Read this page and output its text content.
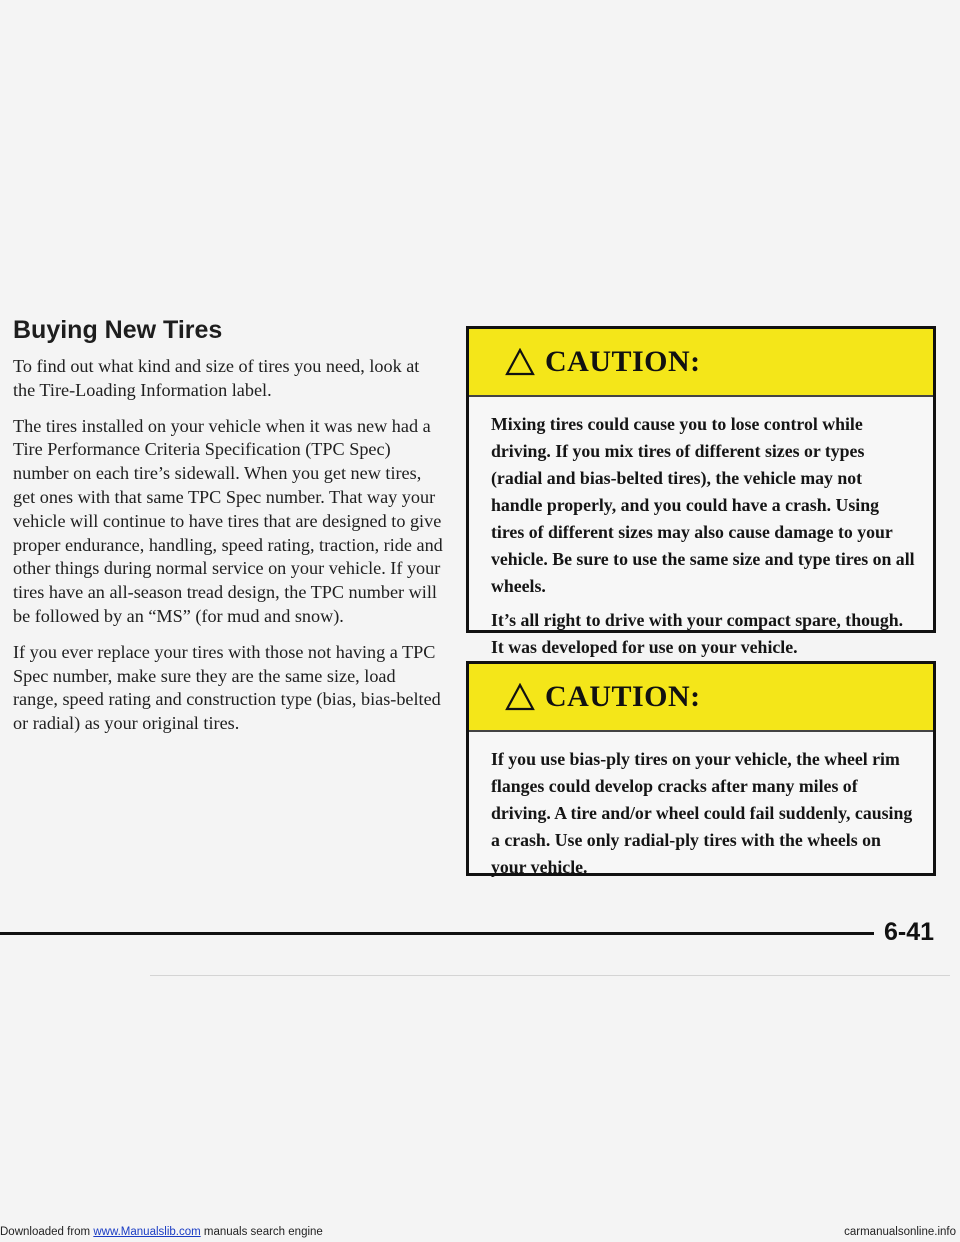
Buying New Tires

To find out what kind and size of tires you need, look at the Tire-Loading Information label.

The tires installed on your vehicle when it was new had a Tire Performance Criteria Specification (TPC Spec) number on each tire’s sidewall. When you get new tires, get ones with that same TPC Spec number. That way your vehicle will continue to have tires that are designed to give proper endurance, handling, speed rating, traction, ride and other things during normal service on your vehicle. If your tires have an all-season tread design, the TPC number will be followed by an “MS” (for mud and snow).

If you ever replace your tires with those not having a TPC Spec number, make sure they are the same size, load range, speed rating and construction type (bias, bias-belted or radial) as your original tires.

CAUTION:

Mixing tires could cause you to lose control while driving. If you mix tires of different sizes or types (radial and bias-belted tires), the vehicle may not handle properly, and you could have a crash. Using tires of different sizes may also cause damage to your vehicle. Be sure to use the same size and type tires on all wheels.

It’s all right to drive with your compact spare, though. It was developed for use on your vehicle.

CAUTION:

If you use bias-ply tires on your vehicle, the wheel rim flanges could develop cracks after many miles of driving. A tire and/or wheel could fail suddenly, causing a crash. Use only radial-ply tires with the wheels on your vehicle.

6-41
Downloaded from www.Manualslib.com manuals search engine	carmanualsonline.info
